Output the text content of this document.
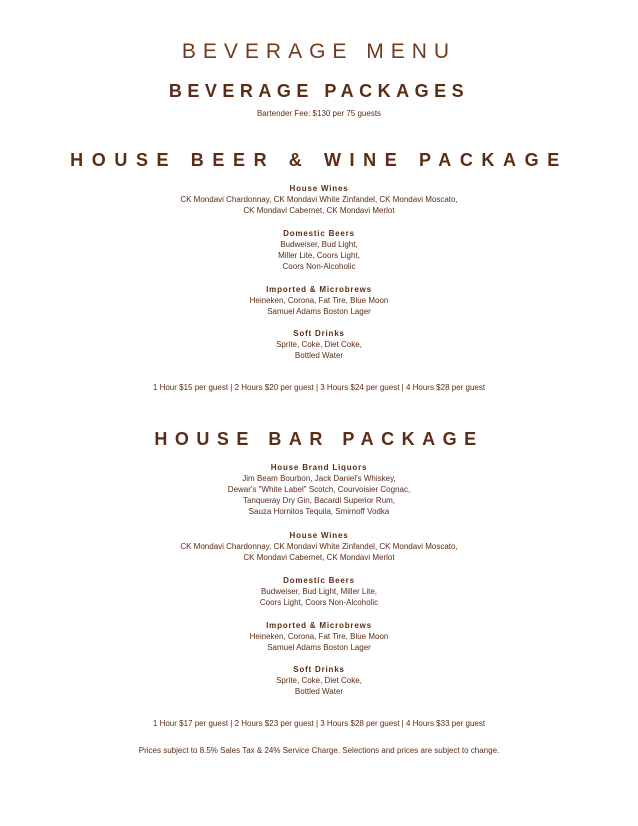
BEVERAGE MENU
BEVERAGE PACKAGES
Bartender Fee: $130 per 75 guests
HOUSE BEER & WINE PACKAGE
House Wines
CK Mondavi Chardonnay, CK Mondavi White Zinfandel, CK Mondavi Moscato,
CK Mondavi Cabernet, CK Mondavi Merlot
Domestic Beers
Budweiser, Bud Light,
Miller Lite, Coors Light,
Coors Non-Alcoholic
Imported & Microbrews
Heineken, Corona, Fat Tire, Blue Moon
Samuel Adams Boston Lager
Soft Drinks
Sprite, Coke, Diet Coke,
Bottled Water
1 Hour $15 per guest | 2 Hours $20 per guest | 3 Hours $24 per guest | 4 Hours $28 per guest
HOUSE BAR PACKAGE
House Brand Liquors
Jim Beam Bourbon, Jack Daniel's Whiskey,
Dewar's "White Label" Scotch, Courvoisier Cognac,
Tanqueray Dry Gin, Bacardi Superior Rum,
Sauza Hornitos Tequila, Smirnoff Vodka
House Wines
CK Mondavi Chardonnay, CK Mondavi White Zinfandel, CK Mondavi Moscato,
CK Mondavi Cabernet, CK Mondavi Merlot
Domestic Beers
Budweiser, Bud Light, Miller Lite,
Coors Light, Coors Non-Alcoholic
Imported & Microbrews
Heineken, Corona, Fat Tire, Blue Moon
Samuel Adams Boston Lager
Soft Drinks
Sprite, Coke, Diet Coke,
Bottled Water
1 Hour $17 per guest | 2 Hours $23 per guest | 3 Hours $28 per guest | 4 Hours $33 per guest
Prices subject to 8.5% Sales Tax & 24% Service Charge. Selections and prices are subject to change.
